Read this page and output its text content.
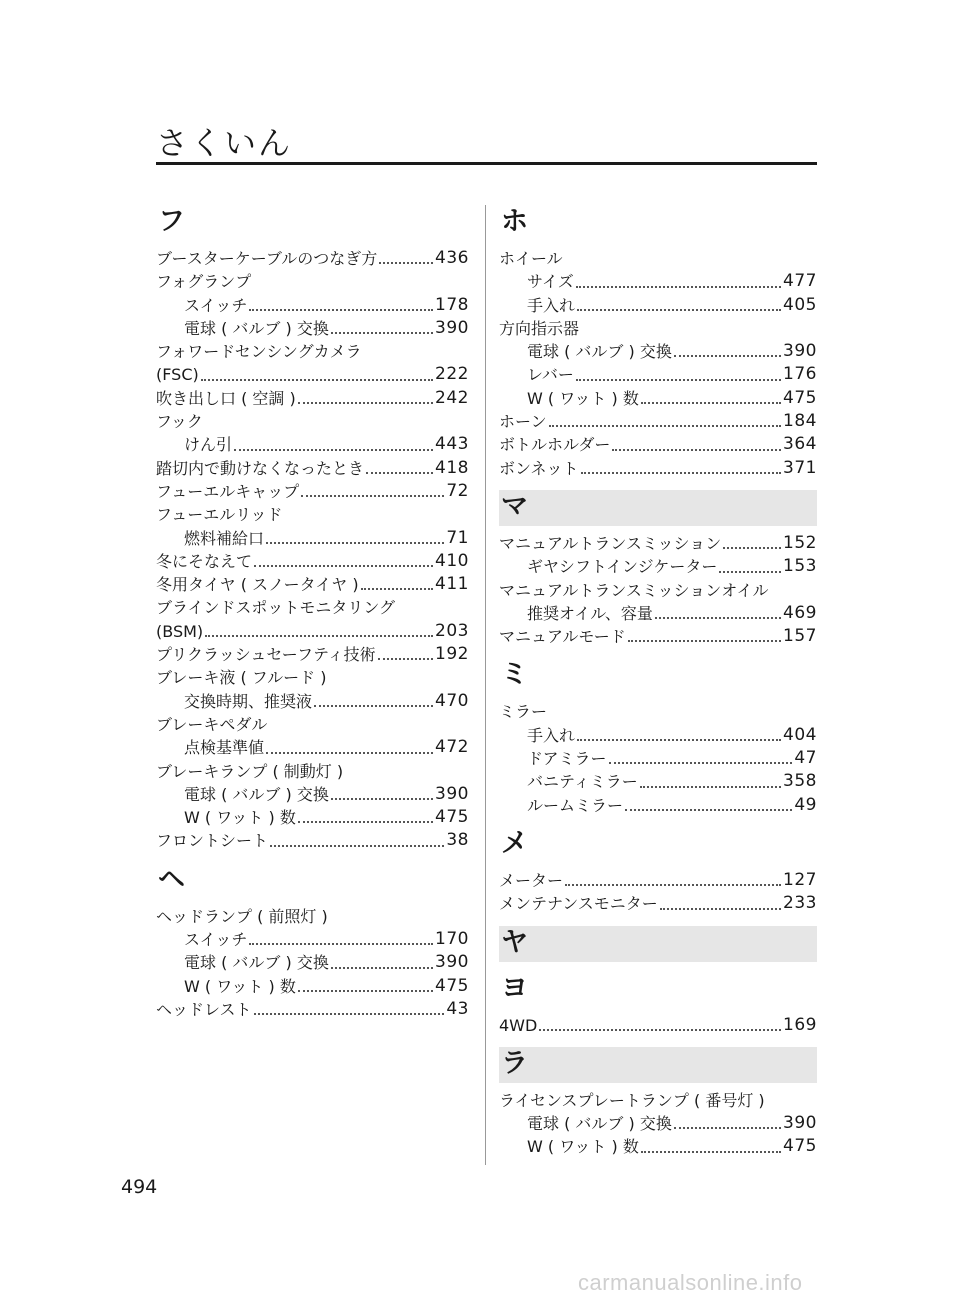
さくいん
フ
ブースターケーブルのつなぎ方	436
フォグランプ
スイッチ	178
電球 ( バルブ ) 交換	390
フォワードセンシングカメラ
(FSC)	222
吹き出し口 ( 空調 )	242
フック
けん引	443
踏切内で動けなくなったとき	418
フューエルキャップ	72
フューエルリッド
燃料補給口	71
冬にそなえて	410
冬用タイヤ ( スノータイヤ )	411
ブラインドスポットモニタリング
(BSM)	203
プリクラッシュセーフティ技術	192
ブレーキ液 ( フルード )
交換時期、推奨液	470
ブレーキペダル
点検基準値	472
ブレーキランプ ( 制動灯 )
電球 ( バルブ ) 交換	390
W ( ワット ) 数	475
フロントシート	38
ヘ
ヘッドランプ ( 前照灯 )
スイッチ	170
電球 ( バルブ ) 交換	390
W ( ワット ) 数	475
ヘッドレスト	43
ホ
ホイール
サイズ	477
手入れ	405
方向指示器
電球 ( バルブ ) 交換	390
レバー	176
W ( ワット ) 数	475
ホーン	184
ボトルホルダー	364
ボンネット	371
マ
マニュアルトランスミッション	152
ギヤシフトインジケーター	153
マニュアルトランスミッションオイル
推奨オイル、容量	469
マニュアルモード	157
ミ
ミラー
手入れ	404
ドアミラー	47
バニティミラー	358
ルームミラー	49
メ
メーター	127
メンテナンスモニター	233
ヤ
ヨ
4WD	169
ラ
ライセンスプレートランプ ( 番号灯 )
電球 ( バルブ ) 交換	390
W ( ワット ) 数	475
494
carmanualsonline.info
